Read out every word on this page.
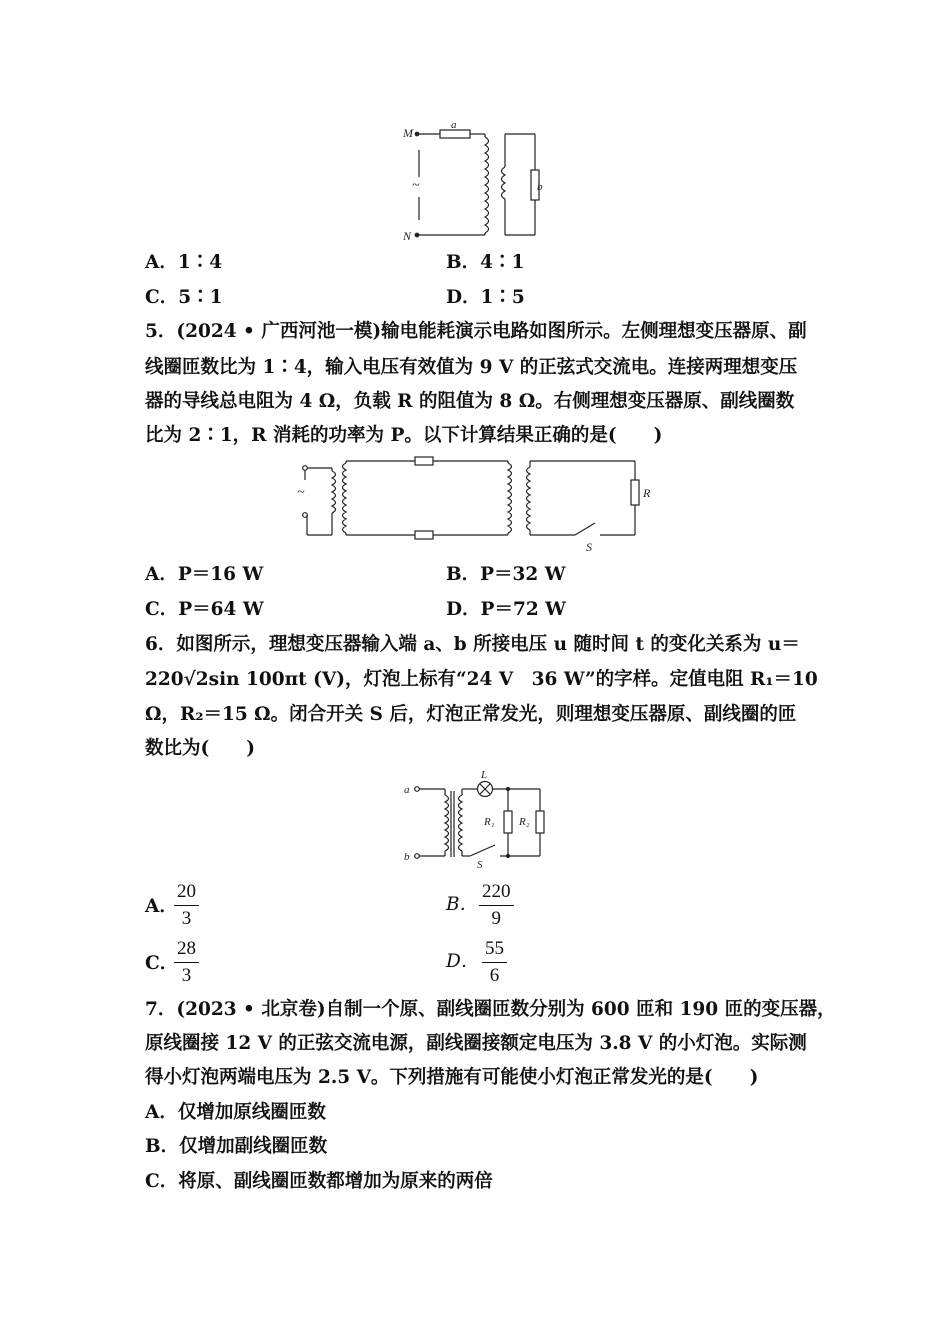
M
N
a
b
~
A．1∶4	B．4∶1
C．5∶1	D．1∶5
5．(2024 • 广西河池一模)输电能耗演示电路如图所示。左侧理想变压器原、副
线圈匝数比为 1∶4，输入电压有效值为 9 V 的正弦式交流电。连接两理想变压
器的导线总电阻为 4 Ω，负载 R 的阻值为 8 Ω。右侧理想变压器原、副线圈数
比为 2∶1，R 消耗的功率为 P。以下计算结果正确的是(　　)
~	R
S
A．P＝16 W	B．P＝32 W
C．P＝64 W	D．P＝72 W
6．如图所示，理想变压器输入端 a、b 所接电压 u 随时间 t 的变化关系为 u＝
220√2sin 100πt (V)，灯泡上标有“24 V　36 W”的字样。定值电阻 R₁＝10
Ω，R₂＝15 Ω。闭合开关 S 后，灯泡正常发光，则理想变压器原、副线圈的匝
数比为(　　)
a
b
L
R₁ R₂
S
A．
$\frac{20}{3}$	B． $\frac{220}{9}$
C．
$\frac{28}{3}$	D． $\frac{55}{6}$
7．(2023 • 北京卷)自制一个原、副线圈匝数分别为 600 匝和 190 匝的变压器，
原线圈接 12 V 的正弦交流电源，副线圈接额定电压为 3.8 V 的小灯泡。实际测
得小灯泡两端电压为 2.5 V。下列措施有可能使小灯泡正常发光的是(　　)
A．仅增加原线圈匝数
B．仅增加副线圈匝数
C．将原、副线圈匝数都增加为原来的两倍
